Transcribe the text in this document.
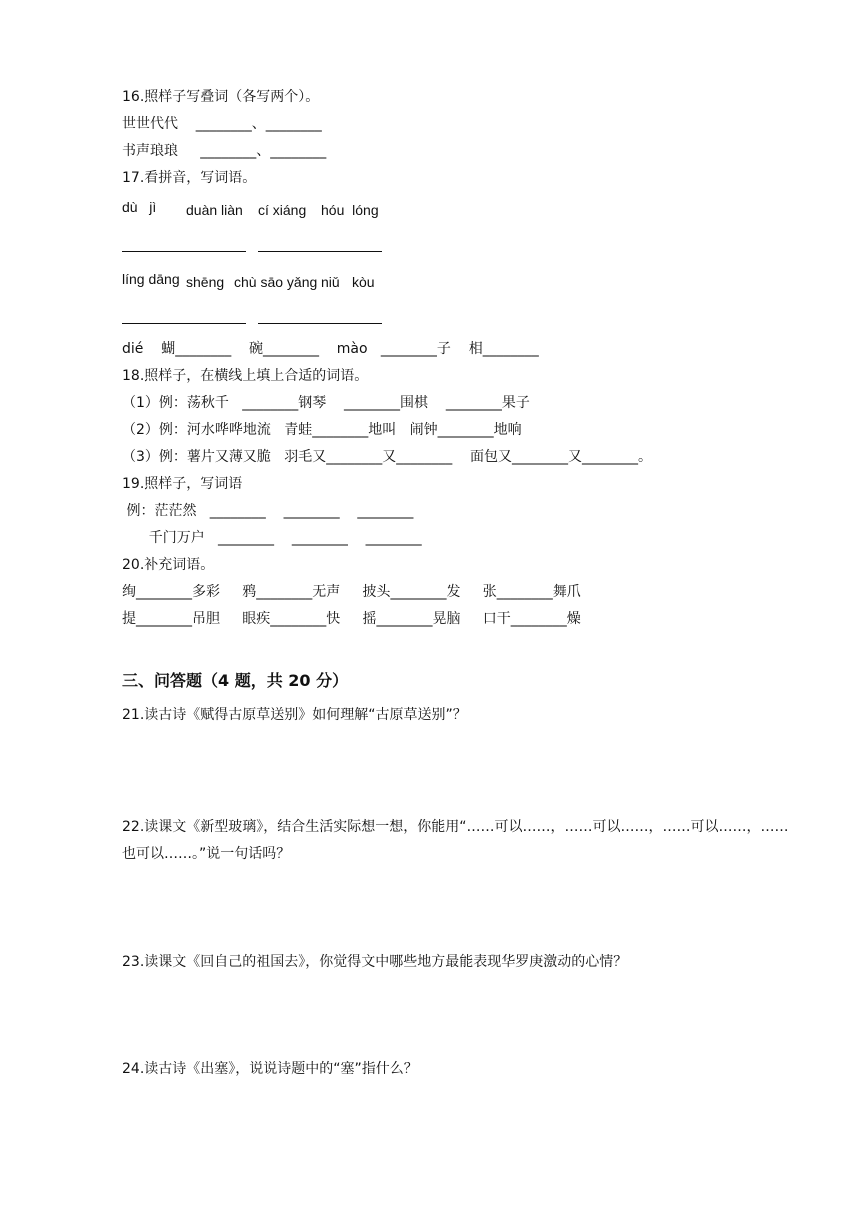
16.照样子写叠词（各写两个）。
世世代代    ________、________
书声琅琅     ________、________
17.看拼音，写词语。
dù   jì duàn liàn cí xiáng hóu  lóng
líng dāng shēng chù sāo yǎng niǔ kòu
dié    蝴________    碗________    mào   ________子    相________
18.照样子，在横线上填上合适的词语。
（1）例：荡秋千   ________钢琴    ________围棋    ________果子
（2）例：河水哗哗地流   青蛙________地叫   闹钟________地响
（3）例：薯片又薄又脆   羽毛又________又________    面包又________又________。
19.照样子，写词语
例：茫茫然   ________    ________    ________
千门万户   ________    ________    ________
20.补充词语。
绚________多彩     鸦________无声     披头________发     张________舞爪
提________吊胆     眼疾________快     摇________晃脑     口干________燥
三、问答题（4 题，共 20 分）
21.读古诗《赋得古原草送别》如何理解“古原草送别”？
22.读课文《新型玻璃》，结合生活实际想一想，你能用“……可以……，……可以……，……可以……，……
也可以……。”说一句话吗？
23.读课文《回自己的祖国去》，你觉得文中哪些地方最能表现华罗庚激动的心情？
24.读古诗《出塞》，说说诗题中的“塞”指什么？
